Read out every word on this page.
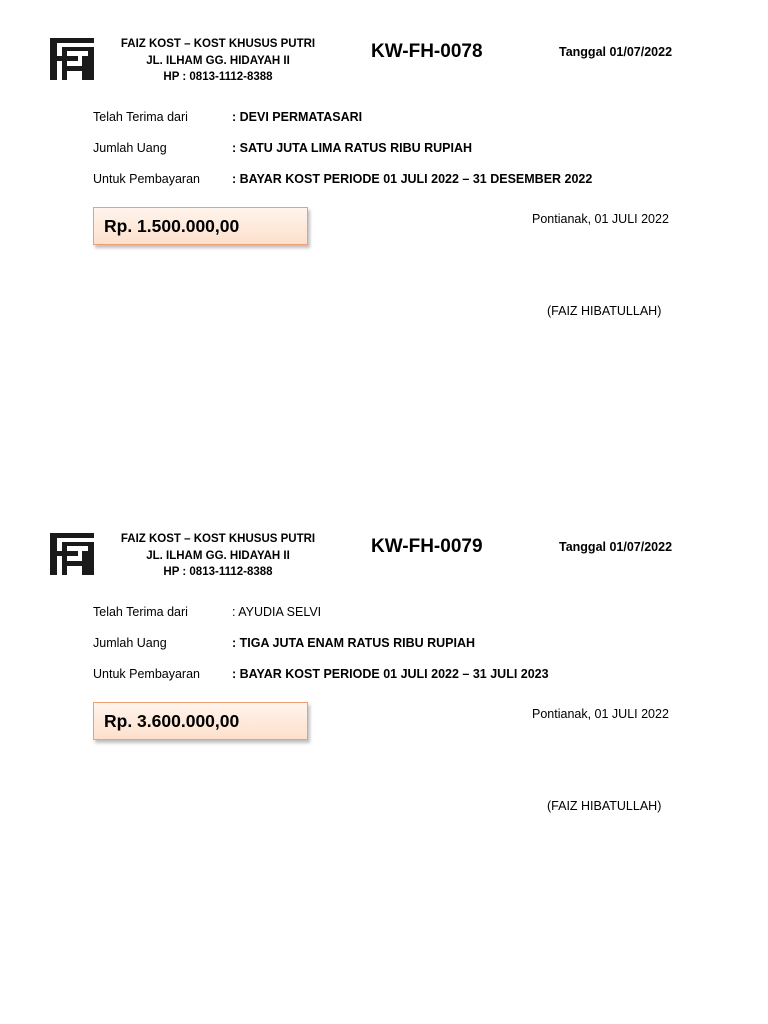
FAIZ KOST – KOST KHUSUS PUTRI
JL. ILHAM GG. HIDAYAH II
HP : 0813-1112-8388
KW-FH-0078	Tanggal 01/07/2022
Telah Terima dari	: DEVI PERMATASARI
Jumlah Uang	: SATU JUTA LIMA RATUS RIBU RUPIAH
Untuk Pembayaran	: BAYAR KOST PERIODE 01 JULI 2022 – 31 DESEMBER 2022
Rp. 1.500.000,00	Pontianak, 01 JULI 2022
(FAIZ HIBATULLAH)
FAIZ KOST – KOST KHUSUS PUTRI
JL. ILHAM GG. HIDAYAH II
HP : 0813-1112-8388
KW-FH-0079	Tanggal 01/07/2022
Telah Terima dari	: AYUDIA SELVI
Jumlah Uang	: TIGA JUTA ENAM RATUS RIBU RUPIAH
Untuk Pembayaran	: BAYAR KOST PERIODE 01 JULI 2022 – 31 JULI 2023
Rp. 3.600.000,00	Pontianak, 01 JULI 2022
(FAIZ HIBATULLAH)
